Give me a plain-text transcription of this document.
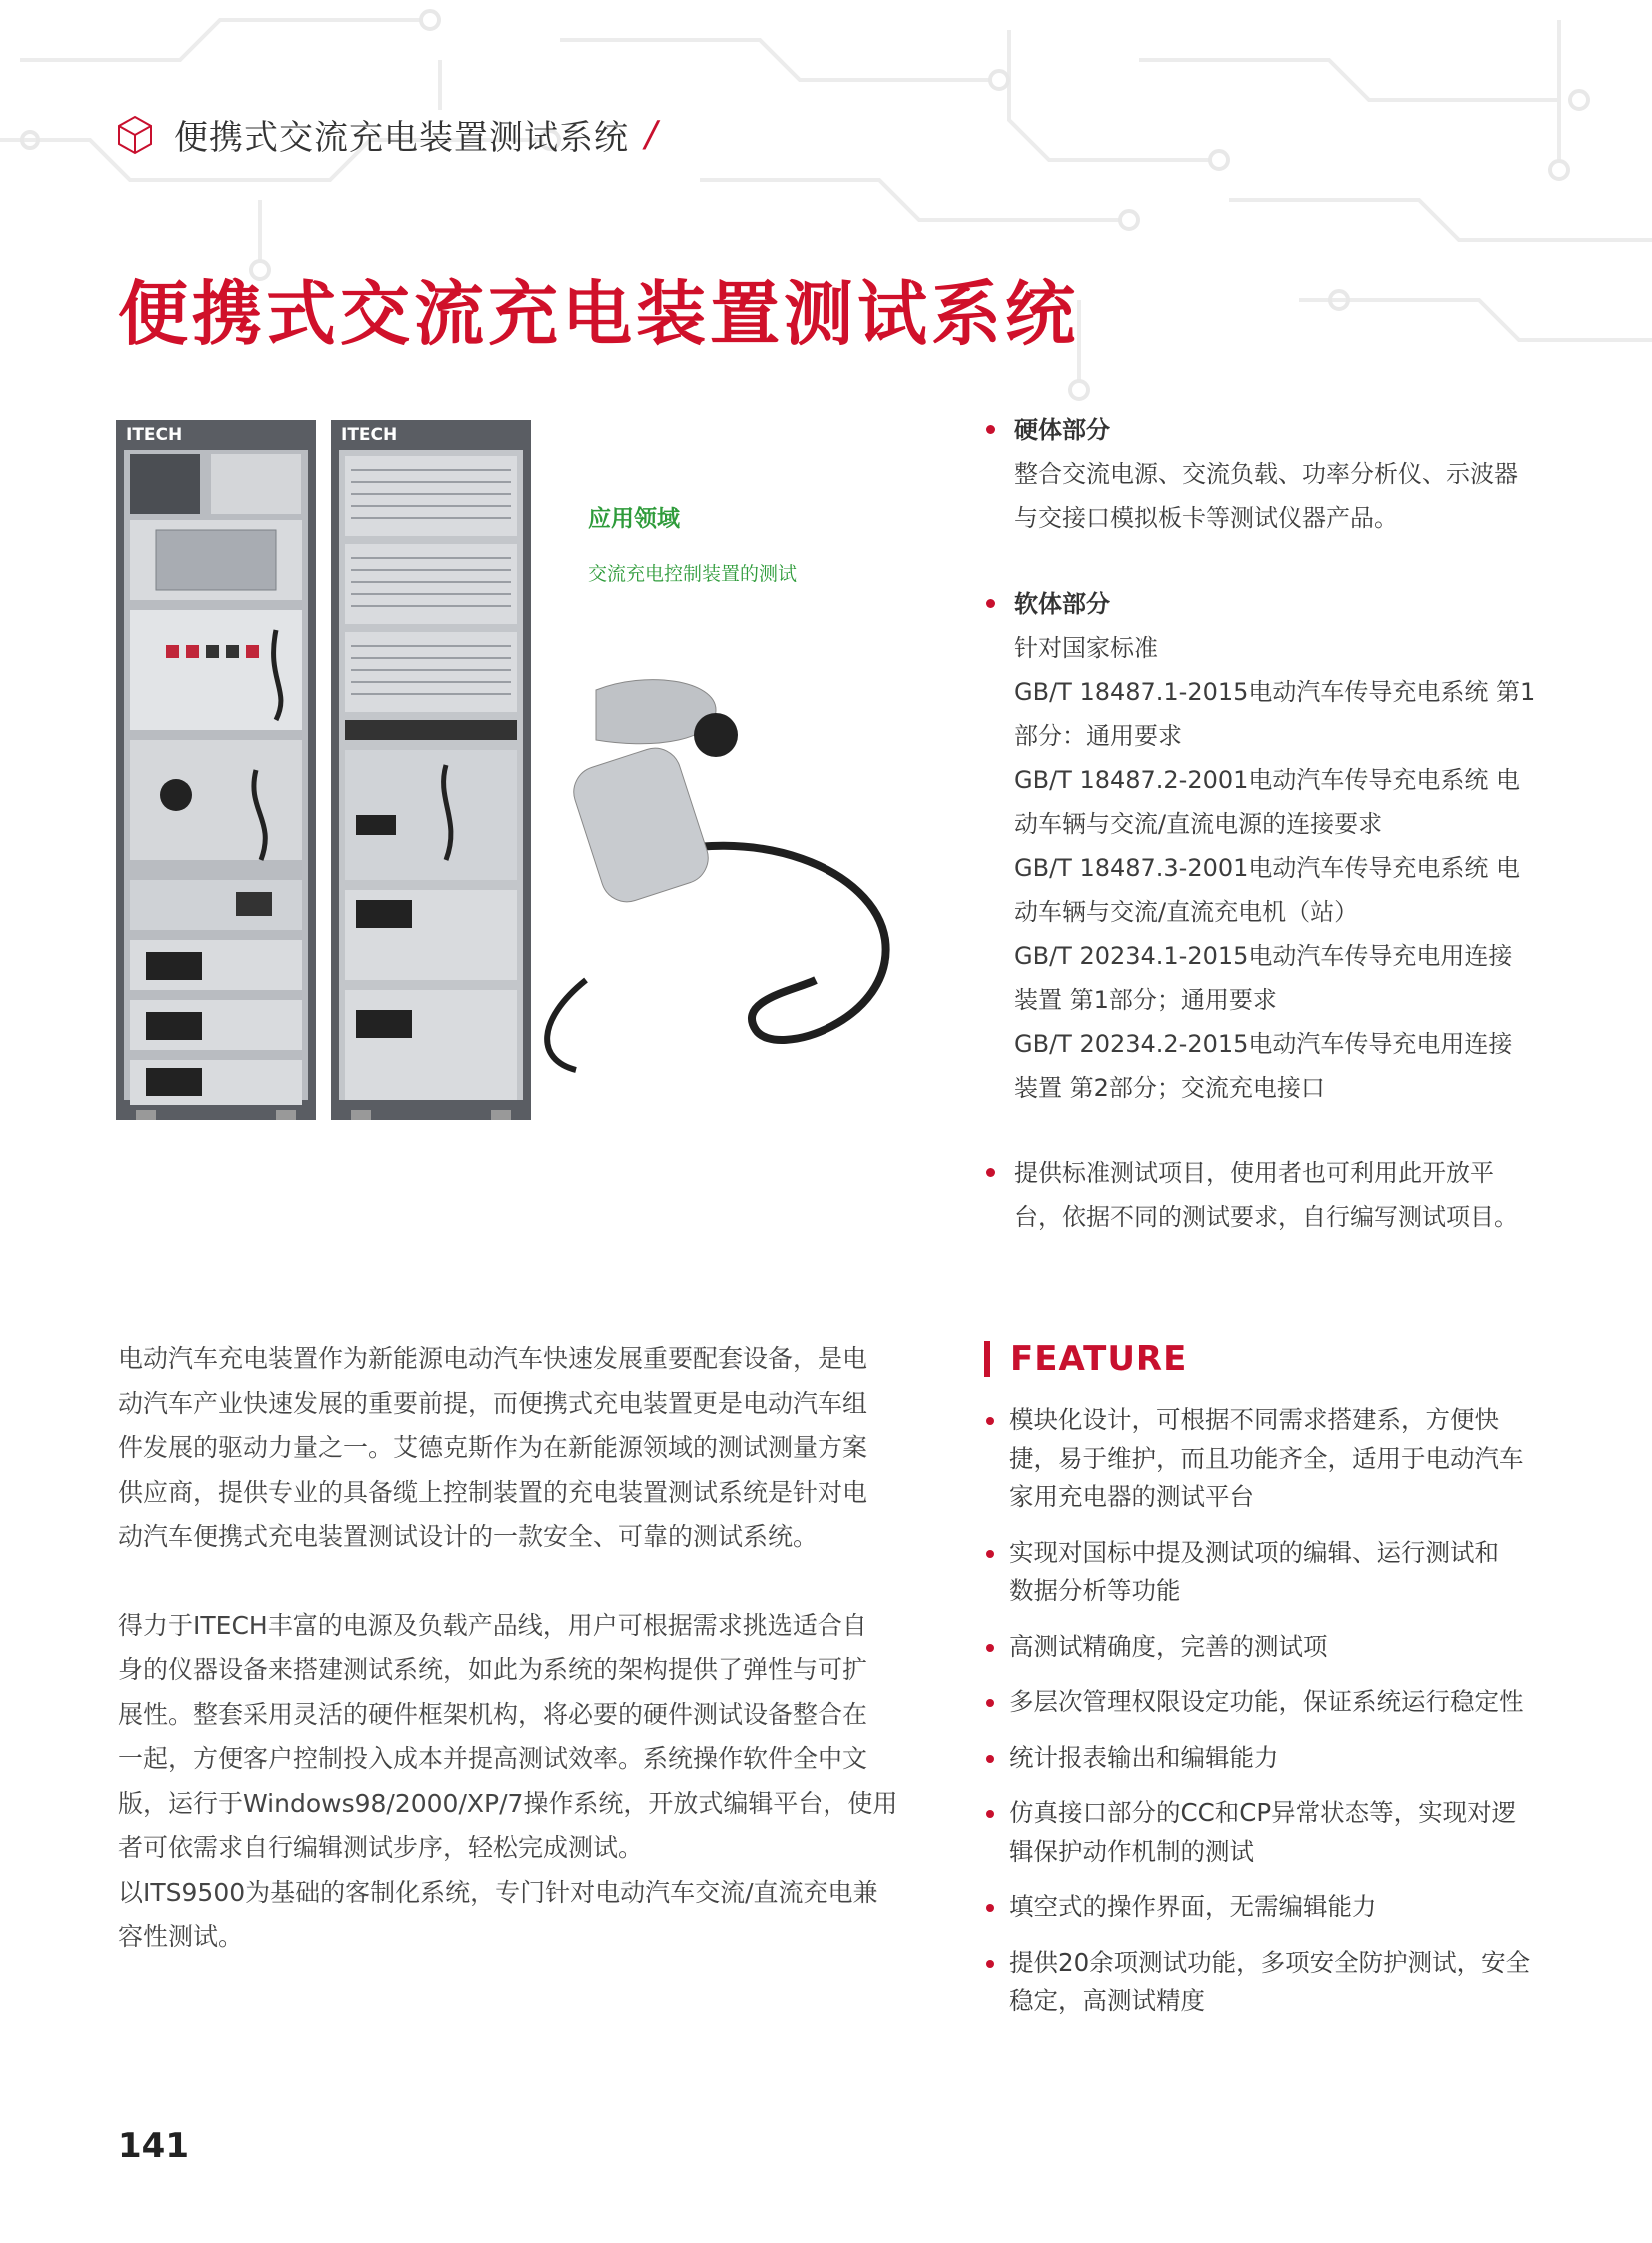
便携式交流充电装置测试系统 /
便携式交流充电装置测试系统
ITECH	ITECH
应用领域
交流充电控制装置的测试
硬体部分
整合交流电源、交流负载、功率分析仪、示波器
与交接口模拟板卡等测试仪器产品。
软体部分
针对国家标准
GB/T 18487.1-2015电动汽车传导充电系统 第1
部分：通用要求
GB/T 18487.2-2001电动汽车传导充电系统 电
动车辆与交流/直流电源的连接要求
GB/T 18487.3-2001电动汽车传导充电系统 电
动车辆与交流/直流充电机（站）
GB/T 20234.1-2015电动汽车传导充电用连接
装置 第1部分；通用要求
GB/T 20234.2-2015电动汽车传导充电用连接
装置 第2部分；交流充电接口
提供标准测试项目，使用者也可利用此开放平
台，依据不同的测试要求，自行编写测试项目。
电动汽车充电装置作为新能源电动汽车快速发展重要配套设备，是电
动汽车产业快速发展的重要前提，而便携式充电装置更是电动汽车组
件发展的驱动力量之一。艾德克斯作为在新能源领域的测试测量方案
供应商，提供专业的具备缆上控制装置的充电装置测试系统是针对电
动汽车便携式充电装置测试设计的一款安全、可靠的测试系统。
得力于ITECH丰富的电源及负载产品线，用户可根据需求挑选适合自
身的仪器设备来搭建测试系统，如此为系统的架构提供了弹性与可扩
展性。整套采用灵活的硬件框架机构，将必要的硬件测试设备整合在
一起，方便客户控制投入成本并提高测试效率。系统操作软件全中文
版，运行于Windows98/2000/XP/7操作系统，开放式编辑平台，使用
者可依需求自行编辑测试步序，轻松完成测试。
以ITS9500为基础的客制化系统，专门针对电动汽车交流/直流充电兼
容性测试。
FEATURE
模块化设计，可根据不同需求搭建系，方便快
捷，易于维护，而且功能齐全，适用于电动汽车
家用充电器的测试平台
实现对国标中提及测试项的编辑、运行测试和
数据分析等功能
高测试精确度，完善的测试项
多层次管理权限设定功能，保证系统运行稳定性
统计报表输出和编辑能力
仿真接口部分的CC和CP异常状态等，实现对逻
辑保护动作机制的测试
填空式的操作界面，无需编辑能力
提供20余项测试功能，多项安全防护测试，安全
稳定，高测试精度
141
